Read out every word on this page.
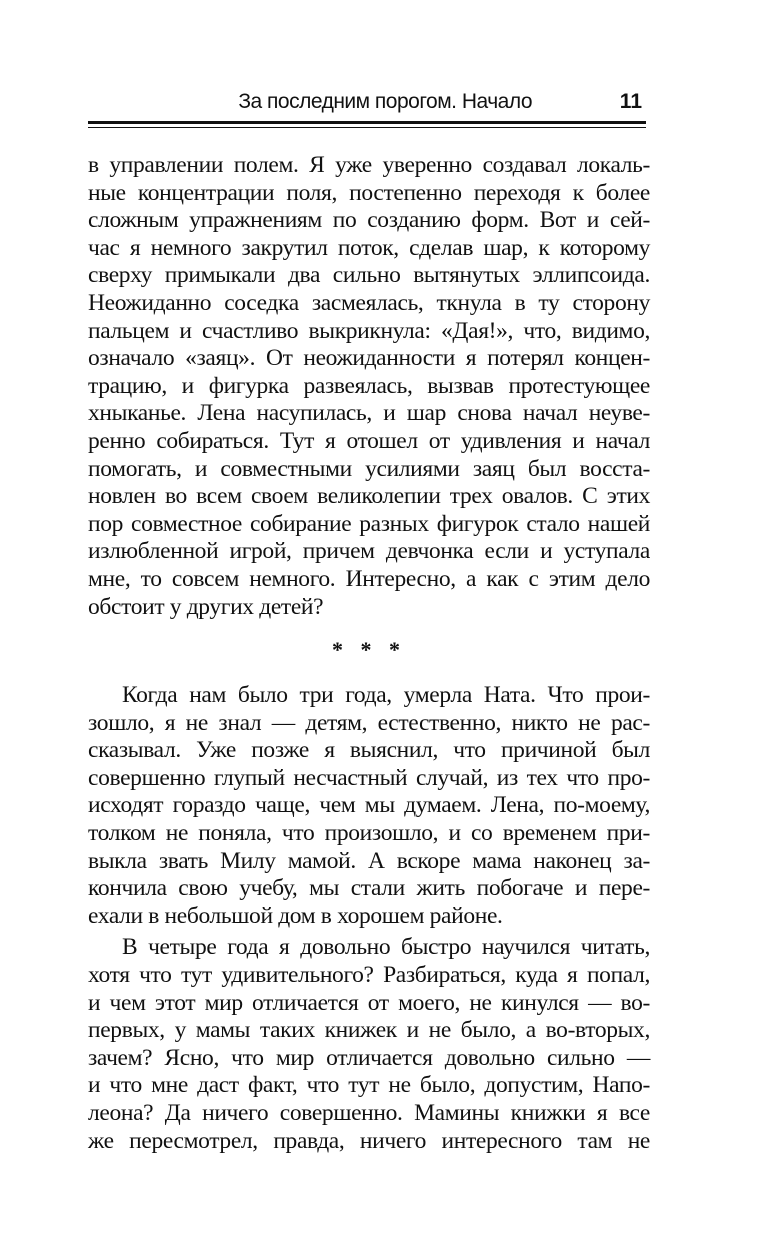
За последним порогом. Начало	11
в управлении полем. Я уже уверенно создавал локаль-
ные концентрации поля, постепенно переходя к более
сложным упражнениям по созданию форм. Вот и сей-
час я немного закрутил поток, сделав шар, к которому
сверху примыкали два сильно вытянутых эллипсоида.
Неожиданно соседка засмеялась, ткнула в ту сторону
пальцем и счастливо выкрикнула: «Дая!», что, видимо,
означало «заяц». От неожиданности я потерял концен-
трацию, и фигурка развеялась, вызвав протестующее
хныканье. Лена насупилась, и шар снова начал неуве-
ренно собираться. Тут я отошел от удивления и начал
помогать, и совместными усилиями заяц был восста-
новлен во всем своем великолепии трех овалов. С этих
пор совместное собирание разных фигурок стало нашей
излюбленной игрой, причем девчонка если и уступала
мне, то совсем немного. Интересно, а как с этим дело
обстоит у других детей?
* * *
Когда нам было три года, умерла Ната. Что прои-
зошло, я не знал — детям, естественно, никто не рас-
сказывал. Уже позже я выяснил, что причиной был
совершенно глупый несчастный случай, из тех что про-
исходят гораздо чаще, чем мы думаем. Лена, по-моему,
толком не поняла, что произошло, и со временем при-
выкла звать Милу мамой. А вскоре мама наконец за-
кончила свою учебу, мы стали жить побогаче и пере-
ехали в небольшой дом в хорошем районе.
В четыре года я довольно быстро научился читать,
хотя что тут удивительного? Разбираться, куда я попал,
и чем этот мир отличается от моего, не кинулся — во-
первых, у мамы таких книжек и не было, а во-вторых,
зачем? Ясно, что мир отличается довольно сильно —
и что мне даст факт, что тут не было, допустим, Напо-
леона? Да ничего совершенно. Мамины книжки я все
же пересмотрел, правда, ничего интересного там не
